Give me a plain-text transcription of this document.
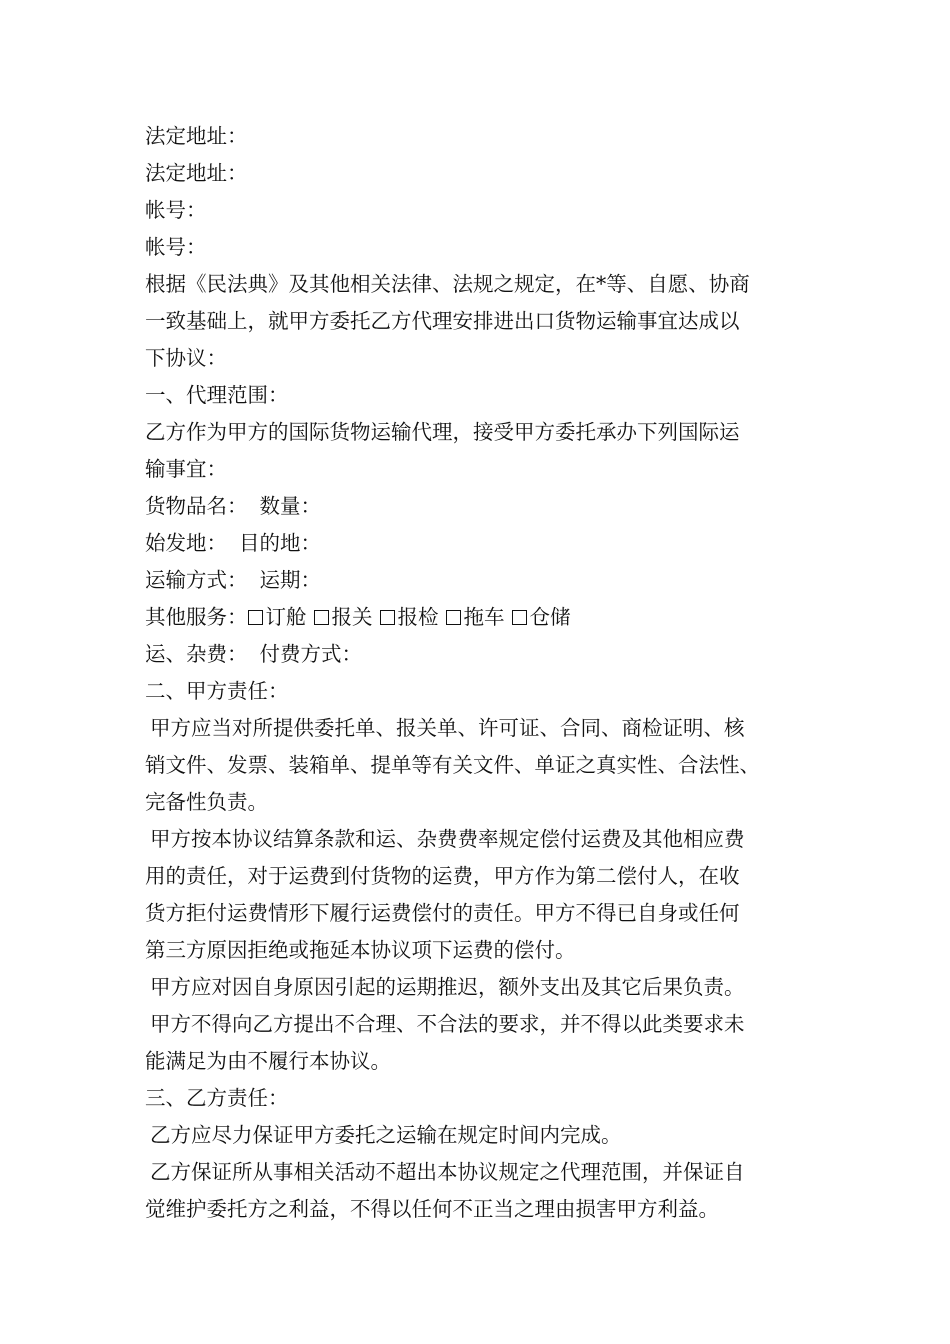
法定地址：
法定地址：
帐号：
帐号：
根据《民法典》及其他相关法律、法规之规定，在*等、自愿、协商
一致基础上，就甲方委托乙方代理安排进出口货物运输事宜达成以
下协议：
一、代理范围：
乙方作为甲方的国际货物运输代理，接受甲方委托承办下列国际运
输事宜：
货物品名： 数量：
始发地： 目的地：
运输方式： 运期：
其他服务： 订舱 报关 报检 拖车 仓储
运、杂费： 付费方式：
二、甲方责任：
甲方应当对所提供委托单、报关单、许可证、合同、商检证明、核
销文件、发票、装箱单、提单等有关文件、单证之真实性、合法性、
完备性负责。
甲方按本协议结算条款和运、杂费费率规定偿付运费及其他相应费
用的责任，对于运费到付货物的运费，甲方作为第二偿付人，在收
货方拒付运费情形下履行运费偿付的责任。甲方不得已自身或任何
第三方原因拒绝或拖延本协议项下运费的偿付。
甲方应对因自身原因引起的运期推迟，额外支出及其它后果负责。
甲方不得向乙方提出不合理、不合法的要求，并不得以此类要求未
能满足为由不履行本协议。
三、乙方责任：
乙方应尽力保证甲方委托之运输在规定时间内完成。
乙方保证所从事相关活动不超出本协议规定之代理范围，并保证自
觉维护委托方之利益，不得以任何不正当之理由损害甲方利益。
